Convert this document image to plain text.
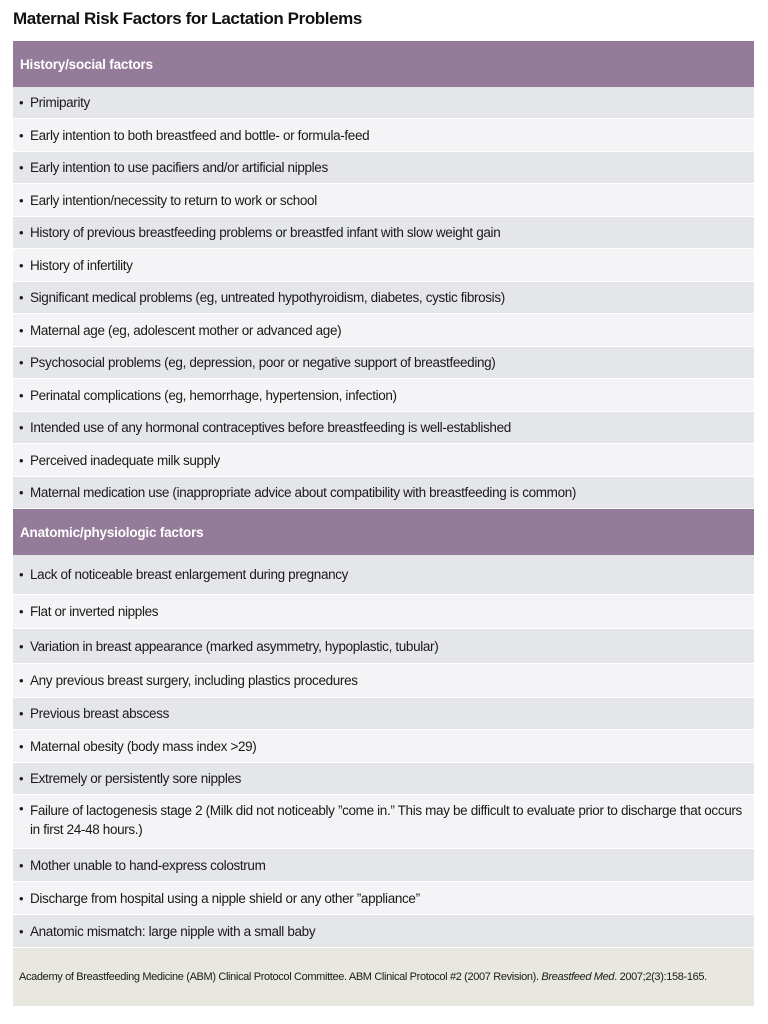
Maternal Risk Factors for Lactation Problems
History/social factors
• Primiparity
• Early intention to both breastfeed and bottle- or formula-feed
• Early intention to use pacifiers and/or artificial nipples
• Early intention/necessity to return to work or school
• History of previous breastfeeding problems or breastfed infant with slow weight gain
• History of infertility
• Significant medical problems (eg, untreated hypothyroidism, diabetes, cystic fibrosis)
• Maternal age (eg, adolescent mother or advanced age)
• Psychosocial problems (eg, depression, poor or negative support of breastfeeding)
• Perinatal complications (eg, hemorrhage, hypertension, infection)
• Intended use of any hormonal contraceptives before breastfeeding is well-established
• Perceived inadequate milk supply
• Maternal medication use (inappropriate advice about compatibility with breastfeeding is common)
Anatomic/physiologic factors
• Lack of noticeable breast enlargement during pregnancy
• Flat or inverted nipples
• Variation in breast appearance (marked asymmetry, hypoplastic, tubular)
• Any previous breast surgery, including plastics procedures
• Previous breast abscess
• Maternal obesity (body mass index >29)
• Extremely or persistently sore nipples
• Failure of lactogenesis stage 2 (Milk did not noticeably ”come in.” This may be difficult to evaluate prior to discharge that occurs in first 24-48 hours.)
• Mother unable to hand-express colostrum
• Discharge from hospital using a nipple shield or any other ”appliance”
• Anatomic mismatch: large nipple with a small baby
Academy of Breastfeeding Medicine (ABM) Clinical Protocol Committee. ABM Clinical Protocol #2 (2007 Revision). Breastfeed Med. 2007;2(3):158-165.
